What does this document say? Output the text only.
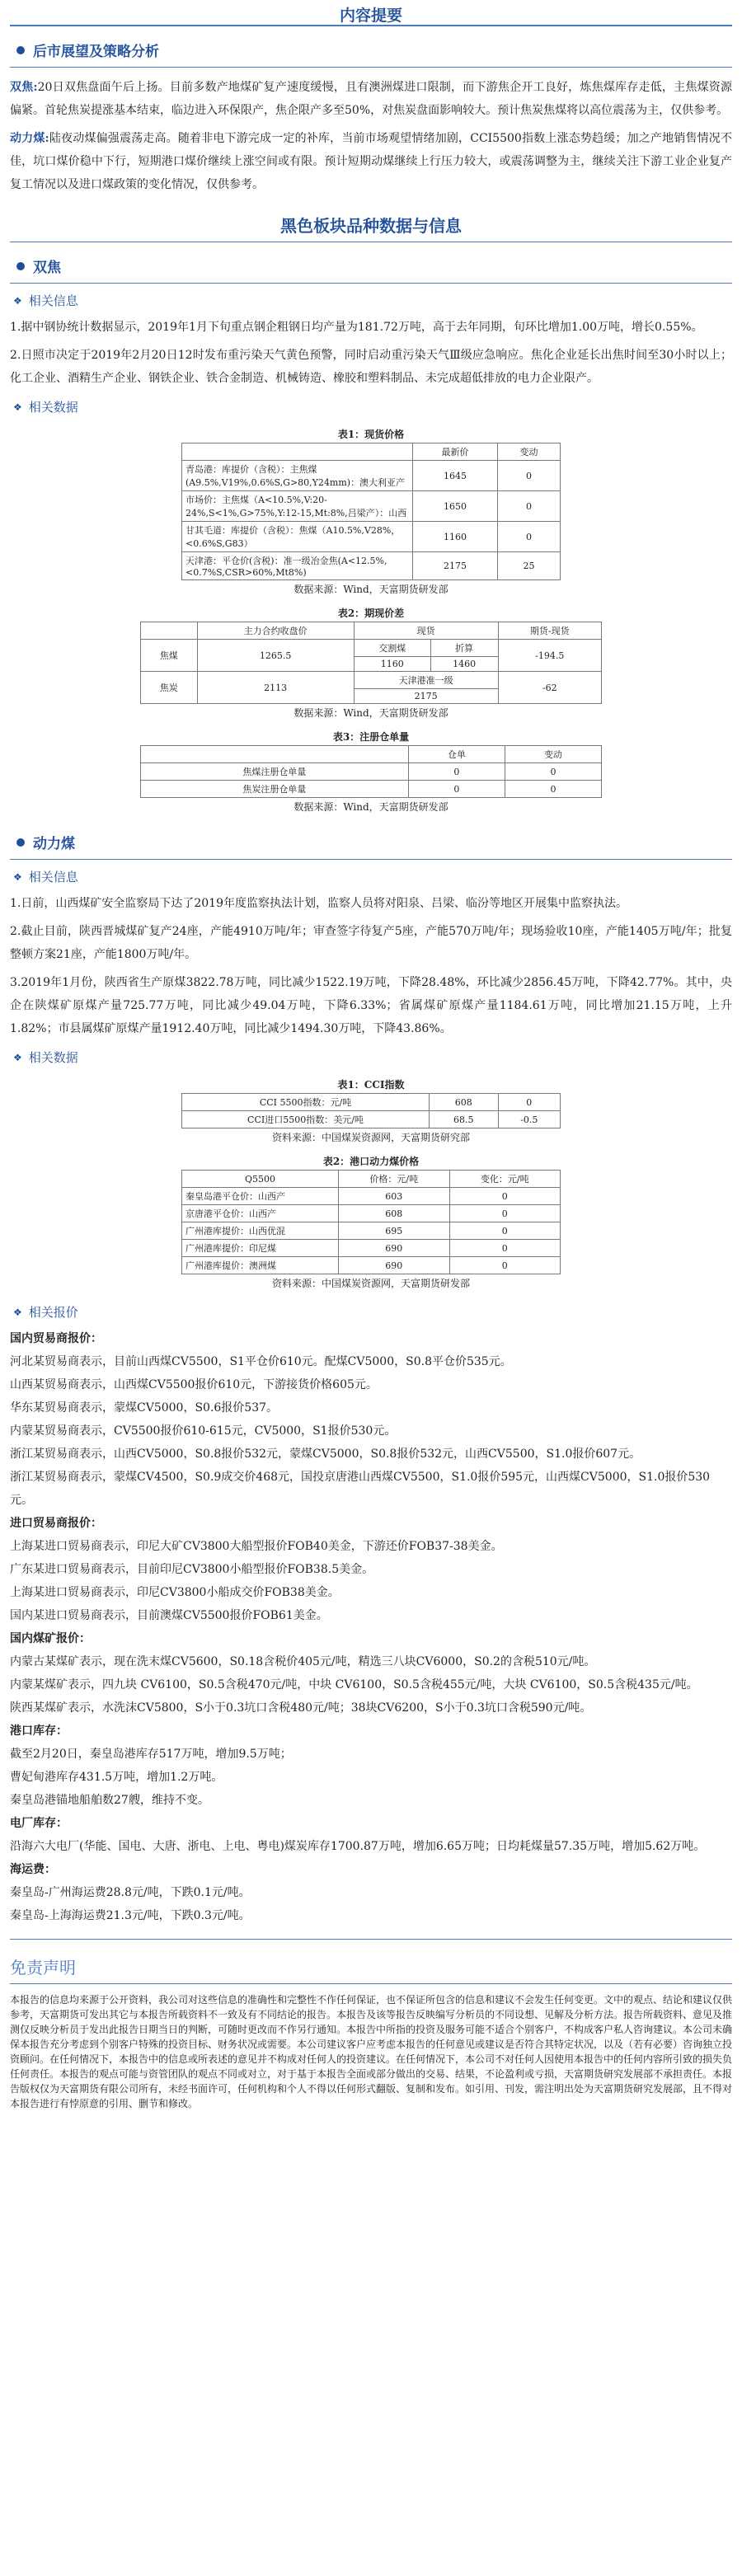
内容提要
后市展望及策略分析

双焦:20日双焦盘面午后上扬。目前多数产地煤矿复产速度缓慢，且有澳洲煤进口限制，而下游焦企开工良好，炼焦煤库存走低，主焦煤资源偏紧。首轮焦炭提涨基本结束，临边进入环保限产，焦企限产多至50%，对焦炭盘面影响较大。预计焦炭焦煤将以高位震荡为主，仅供参考。

动力煤:陆夜动煤偏强震荡走高。随着非电下游完成一定的补库，当前市场观望情绪加剧，CCI5500指数上涨态势趋缓；加之产地销售情况不佳，坑口煤价稳中下行，短期港口煤价继续上涨空间或有限。预计短期动煤继续上行压力较大，或震荡调整为主，继续关注下游工业企业复产复工情况以及进口煤政策的变化情况，仅供参考。

黑色板块品种数据与信息
双焦
❖ 相关信息

1.据中钢协统计数据显示，2019年1月下旬重点钢企粗钢日均产量为181.72万吨，高于去年同期，旬环比增加1.00万吨，增长0.55%。

2.日照市决定于2019年2月20日12时发布重污染天气黄色预警，同时启动重污染天气Ⅲ级应急响应。焦化企业延长出焦时间至30小时以上；化工企业、酒精生产企业、钢铁企业、铁合金制造、机械铸造、橡胶和塑料制品、未完成超低排放的电力企业限产。

❖ 相关数据
表1：现货价格
	最新价	变动
青岛港：库提价（含税）：主焦煤(A9.5%,V19%,0.6%S,G>80,Y24mm)：澳大利亚产	1645	0
市场价：主焦煤（A<10.5%,V:20-24%,S<1%,G>75%,Y:12-15,Mt:8%,吕梁产）：山西	1650	0
甘其毛道：库提价（含税）：焦煤（A10.5%,V28%，<0.6%S,G83）	1160	0
天津港：平仓价(含税)：准一级冶金焦(A<12.5%,<0.7%S,CSR>60%,Mt8%)	2175	25
数据来源：Wind，天富期货研发部
表2：期现价差
	主力合约收盘价	现货		期货-现货
焦煤	1265.5	交割煤	折算	-194.5
		1160	1460	
焦炭	2113	天津港准一级		-62
		2175		
数据来源：Wind，天富期货研发部
表3：注册仓单量
	仓单	变动
焦煤注册仓单量	0	0
焦炭注册仓单量	0	0
数据来源：Wind，天富期货研发部
动力煤
❖ 相关信息

1.日前，山西煤矿安全监察局下达了2019年度监察执法计划，监察人员将对阳泉、吕梁、临汾等地区开展集中监察执法。

2.截止目前，陕西晋城煤矿复产24座，产能4910万吨/年；审查签字待复产5座，产能570万吨/年；现场验收10座，产能1405万吨/年；批复整顿方案21座，产能1800万吨/年。

3.2019年1月份，陕西省生产原煤3822.78万吨，同比减少1522.19万吨，下降28.48%，环比减少2856.45万吨，下降42.77%。其中，央企在陕煤矿原煤产量725.77万吨，同比减少49.04万吨，下降6.33%；省属煤矿原煤产量1184.61万吨，同比增加21.15万吨，上升1.82%；市县属煤矿原煤产量1912.40万吨，同比减少1494.30万吨，下降43.86%。

❖ 相关数据
表1：CCI指数
CCI 5500指数：元/吨	608	0
CCI进口5500指数：美元/吨	68.5	-0.5
资料来源：中国煤炭资源网，天富期货研究部
表2：港口动力煤价格
Q5500	价格：元/吨	变化：元/吨
秦皇岛港平仓价：山西产	603	0
京唐港平仓价：山西产	608	0
广州港库提价：山西优混	695	0
广州港库提价：印尼煤	690	0
广州港库提价：澳洲煤	690	0
资料来源：中国煤炭资源网，天富期货研发部
❖ 相关报价
国内贸易商报价：

河北某贸易商表示，目前山西煤CV5500，S1平仓价610元。配煤CV5000，S0.8平仓价535元。

山西某贸易商表示，山西煤CV5500报价610元，下游接货价格605元。

华东某贸易商表示，蒙煤CV5000，S0.6报价537。

内蒙某贸易商表示，CV5500报价610-615元，CV5000，S1报价530元。

浙江某贸易商表示，山西CV5000，S0.8报价532元，蒙煤CV5000，S0.8报价532元，山西CV5500，S1.0报价607元。

浙江某贸易商表示，蒙煤CV4500，S0.9成交价468元，国投京唐港山西煤CV5500，S1.0报价595元，山西煤CV5000，S1.0报价530元。

进口贸易商报价：

上海某进口贸易商表示，印尼大矿CV3800大船型报价FOB40美金，下游还价FOB37-38美金。

广东某进口贸易商表示，目前印尼CV3800小船型报价FOB38.5美金。

上海某进口贸易商表示，印尼CV3800小船成交价FOB38美金。

国内某进口贸易商表示，目前澳煤CV5500报价FOB61美金。

国内煤矿报价：

内蒙古某煤矿表示，现在洗末煤CV5600，S0.18含税价405元/吨，精选三八块CV6000，S0.2的含税510元/吨。

内蒙某煤矿表示，四九块 CV6100，S0.5含税470元/吨，中块 CV6100，S0.5含税455元/吨，大块 CV6100，S0.5含税435元/吨。

陕西某煤矿表示，水洗沫CV5800，S小于0.3坑口含税480元/吨；38块CV6200，S小于0.3坑口含税590元/吨。

港口库存：

截至2月20日，秦皇岛港库存517万吨，增加9.5万吨；

曹妃甸港库存431.5万吨，增加1.2万吨。

秦皇岛港锚地船舶数27艘，维持不变。

电厂库存：

沿海六大电厂(华能、国电、大唐、浙电、上电、粤电)煤炭库存1700.87万吨，增加6.65万吨；日均耗煤量57.35万吨，增加5.62万吨。

海运费：

秦皇岛-广州海运费28.8元/吨，下跌0.1元/吨。

秦皇岛-上海海运费21.3元/吨，下跌0.3元/吨。

免责声明

本报告的信息均来源于公开资料，我公司对这些信息的准确性和完整性不作任何保证，也不保证所包含的信息和建议不会发生任何变更。文中的观点、结论和建议仅供参考，天富期货可发出其它与本报告所载资料不一致及有不同结论的报告。本报告及该等报告反映编写分析员的不同设想、见解及分析方法。报告所载资料、意见及推测仅反映分析员于发出此报告日期当日的判断，可随时更改而不作另行通知。本报告中所指的投资及服务可能不适合个别客户，不构成客户私人咨询建议。本公司未确保本报告充分考虑到个别客户特殊的投资目标、财务状况或需要。本公司建议客户应考虑本报告的任何意见或建议是否符合其特定状况，以及（若有必要）咨询独立投资顾问。在任何情况下，本报告中的信息或所表述的意见并不构成对任何人的投资建议。在任何情况下，本公司不对任何人因使用本报告中的任何内容所引致的损失负任何责任。本报告的观点可能与资管团队的观点不同或对立，对于基于本报告全面或部分做出的交易、结果，不论盈利或亏损，天富期货研究发展部不承担责任。本报告版权仅为天富期货有限公司所有，未经书面许可，任何机构和个人不得以任何形式翻版、复制和发布。如引用、刊发，需注明出处为天富期货研究发展部，且不得对本报告进行有悖原意的引用、删节和修改。
